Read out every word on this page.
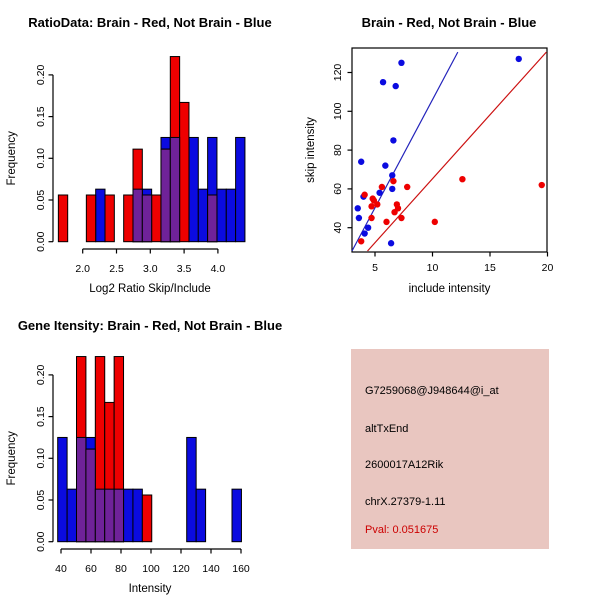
RatioData: Brain - Red, Not Brain - Blue
0.00
0.05
0.10
0.15
0.20
Frequency
2.0 2.5 3.0 3.5 4.0
Log2 Ratio Skip/Include
Brain - Red, Not Brain - Blue
5	10	15	20
40
60
80
100
120
include intensity
skip intensity
Gene Itensity: Brain - Red, Not Brain - Blue
0.00
0.05
0.10
0.15
0.20
Frequency
40 60 80 100 120 140 160
Intensity
G7259068@J948644@i_at
altTxEnd
2600017A12Rik
chrX.27379-1.11
Pval: 0.051675
